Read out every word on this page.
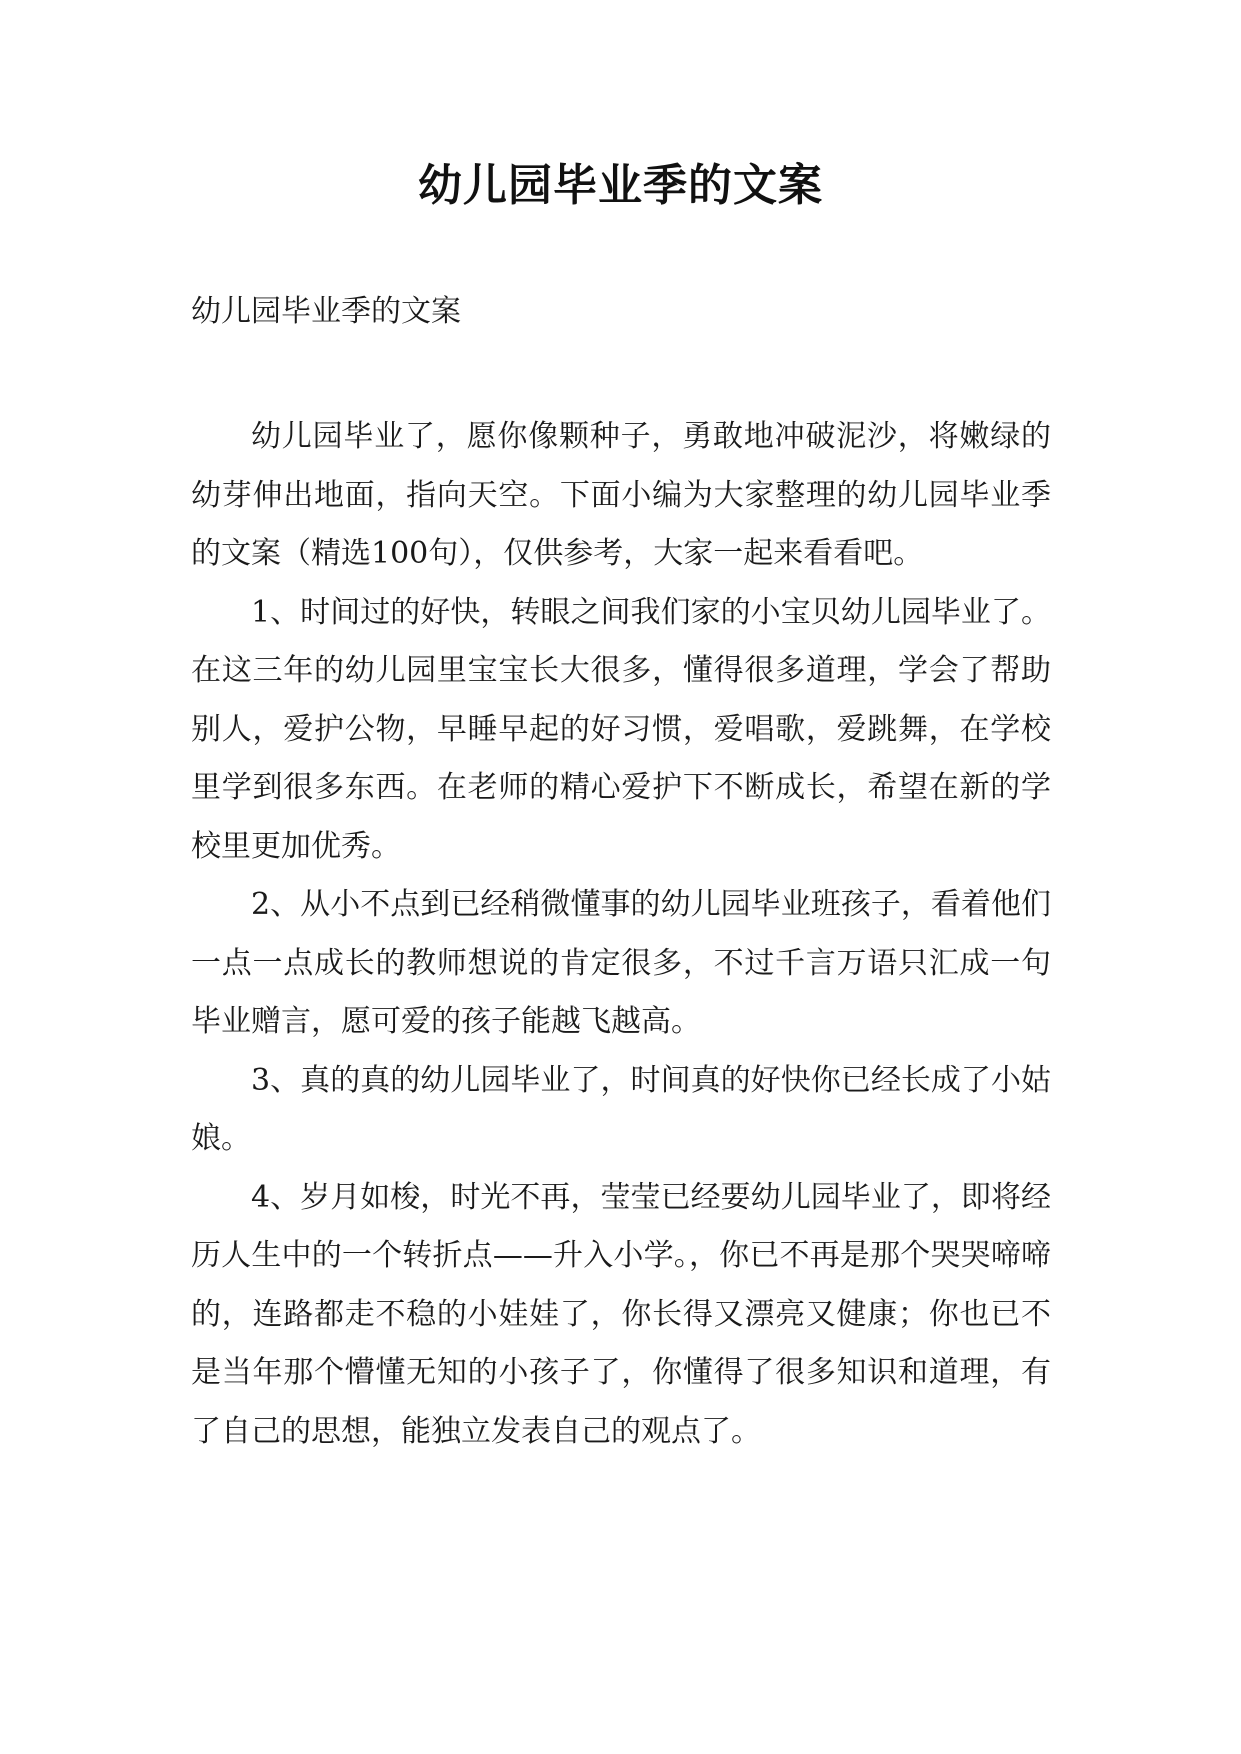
幼儿园毕业季的文案
幼儿园毕业季的文案

幼儿园毕业了，愿你像颗种子，勇敢地冲破泥沙，将嫩绿的幼芽伸出地面，指向天空。下面小编为大家整理的幼儿园毕业季的文案（精选100句），仅供参考，大家一起来看看吧。

1、时间过的好快，转眼之间我们家的小宝贝幼儿园毕业了。在这三年的幼儿园里宝宝长大很多，懂得很多道理，学会了帮助别人，爱护公物，早睡早起的好习惯，爱唱歌，爱跳舞，在学校里学到很多东西。在老师的精心爱护下不断成长，希望在新的学校里更加优秀。

2、从小不点到已经稍微懂事的幼儿园毕业班孩子，看着他们一点一点成长的教师想说的肯定很多，不过千言万语只汇成一句毕业赠言，愿可爱的孩子能越飞越高。

3、真的真的幼儿园毕业了，时间真的好快你已经长成了小姑娘。

4、岁月如梭，时光不再，莹莹已经要幼儿园毕业了，即将经历人生中的一个转折点——升入小学。，你已不再是那个哭哭啼啼的，连路都走不稳的小娃娃了，你长得又漂亮又健康；你也已不是当年那个懵懂无知的小孩子了，你懂得了很多知识和道理，有了自己的思想，能独立发表自己的观点了。
